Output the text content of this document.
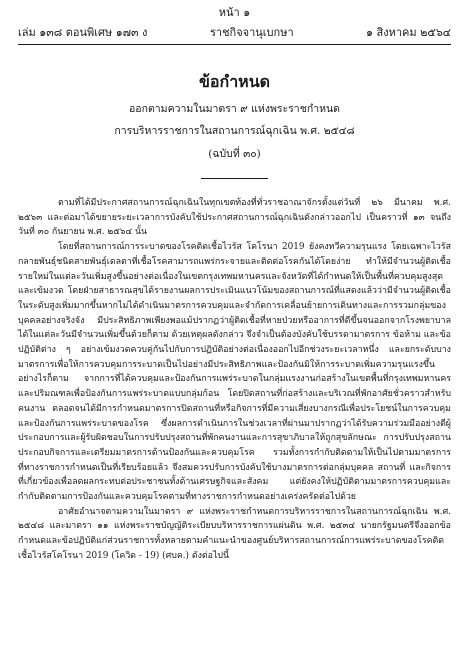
หน้า ๑
เล่ม ๑๓๘ ตอนพิเศษ ๑๗๓ ง	ราชกิจจานุเบกษา	๑ สิงหาคม ๒๕๖๔
ข้อกำหนด
ออกตามความในมาตรา ๙ แห่งพระราชกำหนด
การบริหารราชการในสถานการณ์ฉุกเฉิน พ.ศ. ๒๕๔๘
(ฉบับที่ ๓๐)

ตามที่ได้มีประกาศสถานการณ์ฉุกเฉินในทุกเขตท้องที่ทั่วราชอาณาจักรตั้งแต่วันที่ ๒๖ มีนาคม พ.ศ. ๒๕๖๓ และต่อมาได้ขยายระยะเวลาการบังคับใช้ประกาศสถานการณ์ฉุกเฉินดังกล่าวออกไป เป็นคราวที่ ๑๓ จนถึงวันที่ ๓๐ กันยายน พ.ศ. ๒๕๖๔ นั้น

โดยที่สถานการณ์การระบาดของโรคติดเชื้อไวรัส โคโรนา 2019 ยังคงทวีความรุนแรง โดยเฉพาะไวรัสกลายพันธุ์ชนิดสายพันธุ์เดลตาที่เชื้อโรคสามารถแพร่กระจายและติดต่อโรคกันได้โดยง่าย ทำให้มีจำนวนผู้ติดเชื้อรายใหม่ในแต่ละวันเพิ่มสูงขึ้นอย่างต่อเนื่องในเขตกรุงเทพมหานครและจังหวัดที่ได้กำหนดให้เป็นพื้นที่ควบคุมสูงสุดและเข้มงวด โดยฝ่ายสาธารณสุขได้รายงานผลการประเมินแนวโน้มของสถานการณ์ที่แสดงแล้วว่ามีจำนวนผู้ติดเชื้อในระดับสูงเพิ่มมากขึ้นหากไม่ได้ดำเนินมาตรการควบคุมและจำกัดการเคลื่อนย้ายการเดินทางและการรวมกลุ่มของบุคคลอย่างจริงจัง มีประสิทธิภาพเพียงพอแม้ปรากฏว่าผู้ติดเชื้อที่หายป่วยหรืออาการที่ดีขึ้นจนออกจากโรงพยาบาลได้ในแต่ละวันมีจำนวนเพิ่มขึ้นด้วยก็ตาม ด้วยเหตุผลดังกล่าว จึงจำเป็นต้องบังคับใช้บรรดามาตรการ ข้อห้าม และข้อปฏิบัติต่าง ๆ อย่างเข้มงวดควบคู่กันไปกับการปฏิบัติอย่างต่อเนื่องออกไปอีกช่วงระยะเวลาหนึ่ง และยกระดับบางมาตรการเพื่อให้การควบคุมการระบาดเป็นไปอย่างมีประสิทธิภาพและป้องกันมิให้การระบาดเพิ่มความรุนแรงขึ้นอย่างไรก็ตาม จากการที่ได้ควบคุมและป้องกันการแพร่ระบาดในกลุ่มแรงงานก่อสร้างในเขตพื้นที่กรุงเทพมหานครและปริมณฑลเพื่อป้องกันการแพร่ระบาดแบบกลุ่มก้อน โดยปิดสถานที่ก่อสร้างและบริเวณที่พักอาศัยชั่วคราวสำหรับคนงาน ตลอดจนได้มีการกำหนดมาตรการปิดสถานที่หรือกิจการที่มีความเสี่ยงบางกรณีเพื่อประโยชน์ในการควบคุมและป้องกันการแพร่ระบาดของโรค ซึ่งผลการดำเนินการในช่วงเวลาที่ผ่านมาปรากฏว่าได้รับความร่วมมืออย่างดีผู้ประกอบการและผู้รับผิดชอบในการปรับปรุงสถานที่พักคนงานและการสุขาภิบาลให้ถูกสุขลักษณะ การปรับปรุงสถานประกอบกิจการและเตรียมมาตรการด้านป้องกันและควบคุมโรค รวมทั้งการกำกับติดตามให้เป็นไปตามมาตรการที่ทางราชการกำหนดเป็นที่เรียบร้อยแล้ว จึงสมควรปรับการบังคับใช้บางมาตรการต่อกลุ่มบุคคล สถานที่ และกิจการ ที่เกี่ยวข้องเพื่อลดผลกระทบต่อประชาชนทั้งด้านเศรษฐกิจและสังคม แต่ยังคงให้ปฏิบัติตามมาตรการควบคุมและกำกับติดตามการป้องกันและควบคุมโรคตามที่ทางราชการกำหนดอย่างเคร่งครัดต่อไปด้วย

อาศัยอำนาจตามความในมาตรา ๙ แห่งพระราชกำหนดการบริหารราชการในสถานการณ์ฉุกเฉิน พ.ศ. ๒๕๔๘ และมาตรา ๑๑ แห่งพระราชบัญญัติระเบียบบริหารราชการแผ่นดิน พ.ศ. ๒๕๓๔ นายกรัฐมนตรีจึงออกข้อกำหนดและข้อปฏิบัติแก่ส่วนราชการทั้งหลายตามคำแนะนำของศูนย์บริหารสถานการณ์การแพร่ระบาดของโรคติดเชื้อไวรัสโคโรนา 2019 (โควิด - 19) (ศบค.) ดังต่อไปนี้
